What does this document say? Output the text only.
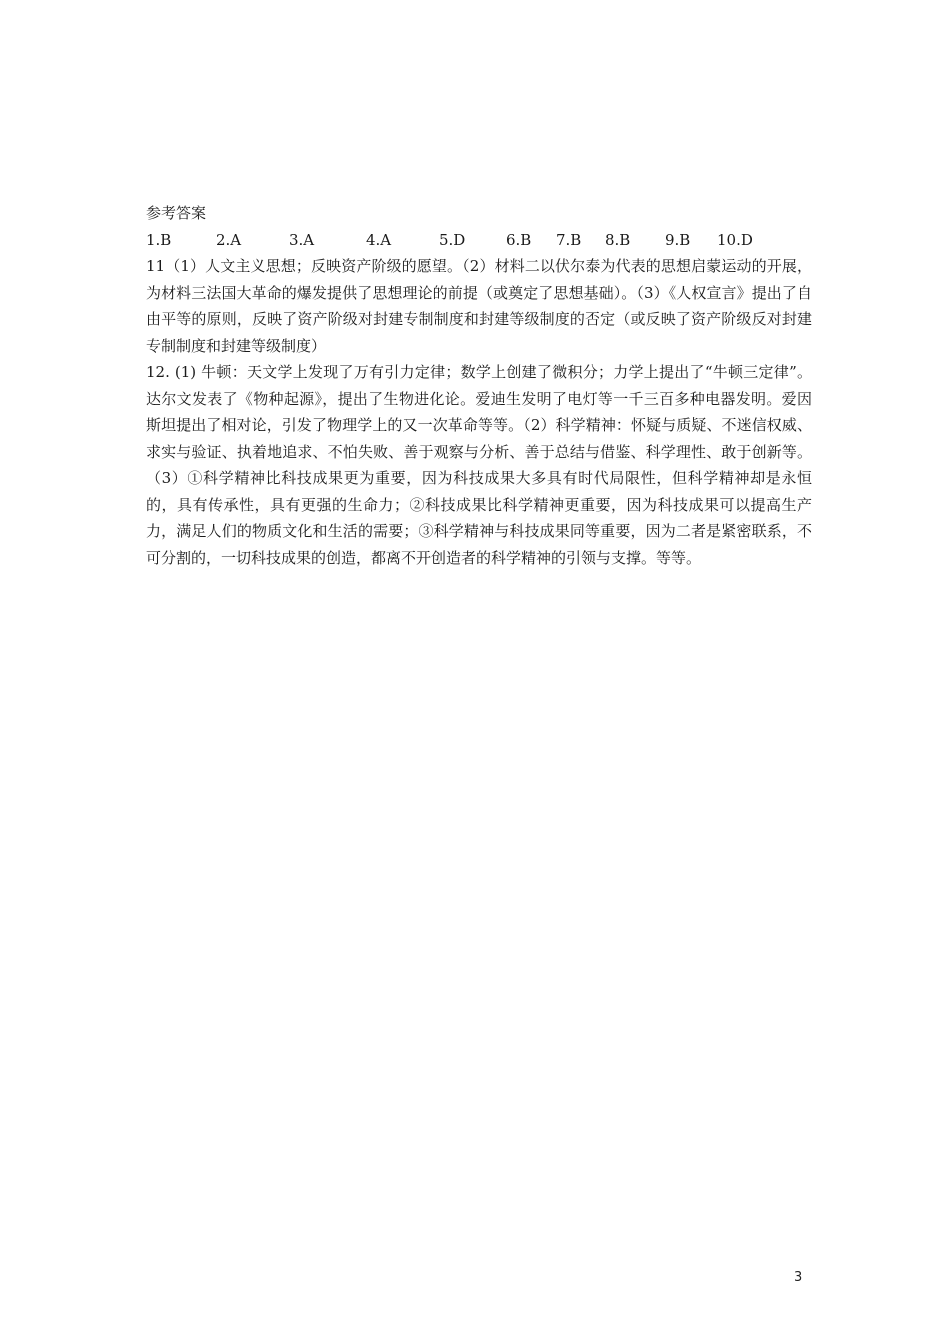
参考答案

1.B	2.A	3.A	4.A	5.D	6.B	7.B	8.B	9.B	10.D

11（1）人文主义思想；反映资产阶级的愿望。（2）材料二以伏尔泰为代表的思想启蒙运动的开展，为材料三法国大革命的爆发提供了思想理论的前提（或奠定了思想基础）。（3）《人权宣言》提出了自由平等的原则，反映了资产阶级对封建专制制度和封建等级制度的否定（或反映了资产阶级反对封建专制制度和封建等级制度）

12. (1) 牛顿：天文学上发现了万有引力定律；数学上创建了微积分；力学上提出了“牛顿三定律”。达尔文发表了《物种起源》，提出了生物进化论。爱迪生发明了电灯等一千三百多种电器发明。爱因斯坦提出了相对论，引发了物理学上的又一次革命等等。（2）科学精神：怀疑与质疑、不迷信权威、求实与验证、执着地追求、不怕失败、善于观察与分析、善于总结与借鉴、科学理性、敢于创新等。（3）①科学精神比科技成果更为重要，因为科技成果大多具有时代局限性，但科学精神却是永恒的，具有传承性，具有更强的生命力；②科技成果比科学精神更重要，因为科技成果可以提高生产力，满足人们的物质文化和生活的需要；③科学精神与科技成果同等重要，因为二者是紧密联系，不可分割的，一切科技成果的创造，都离不开创造者的科学精神的引领与支撑。等等。

3
